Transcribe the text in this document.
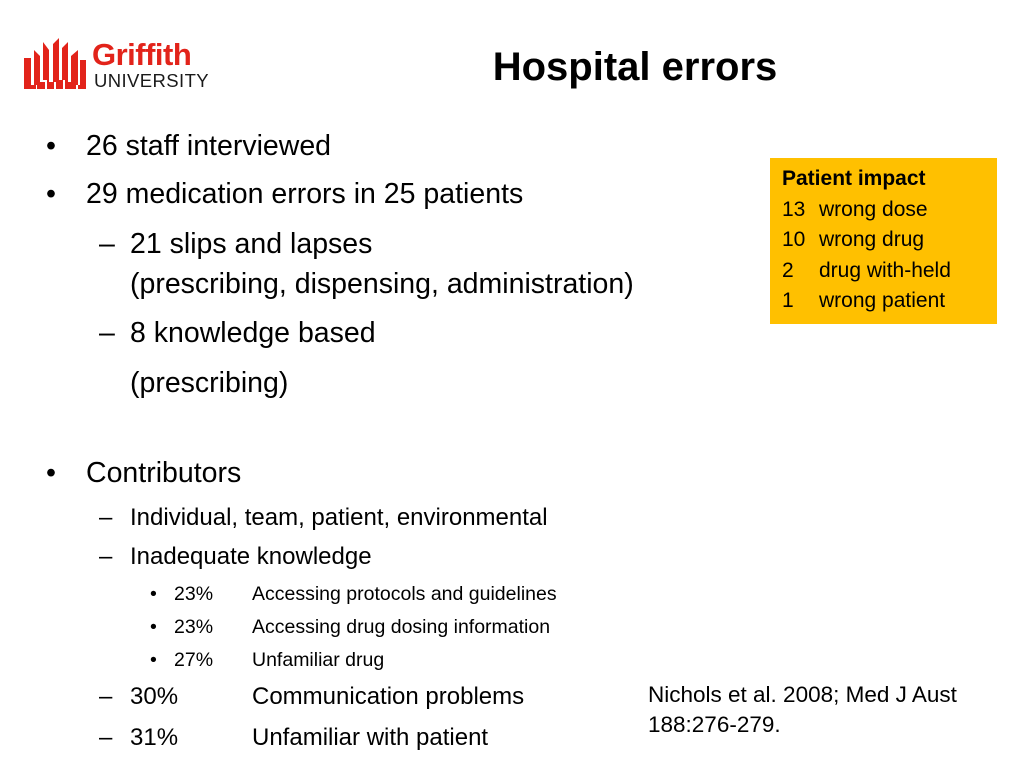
Griffith
UNIVERSITY	Hospital errors
• 26 staff interviewed
• 29 medication errors in 25 patients
– 21 slips and lapses
(prescribing, dispensing, administration)
– 8 knowledge based
(prescribing)
• Contributors
– Individual, team, patient, environmental
– Inadequate knowledge
• 23% Accessing protocols and guidelines
• 23% Accessing drug dosing information
• 27% Unfamiliar drug
– 30%	Communication problems
– 31%	Unfamiliar with patient
Patient impact
13 wrong dose
10 wrong drug
2 drug with-held
1 wrong patient
Nichols et al. 2008; Med J Aust 188:276-279.
